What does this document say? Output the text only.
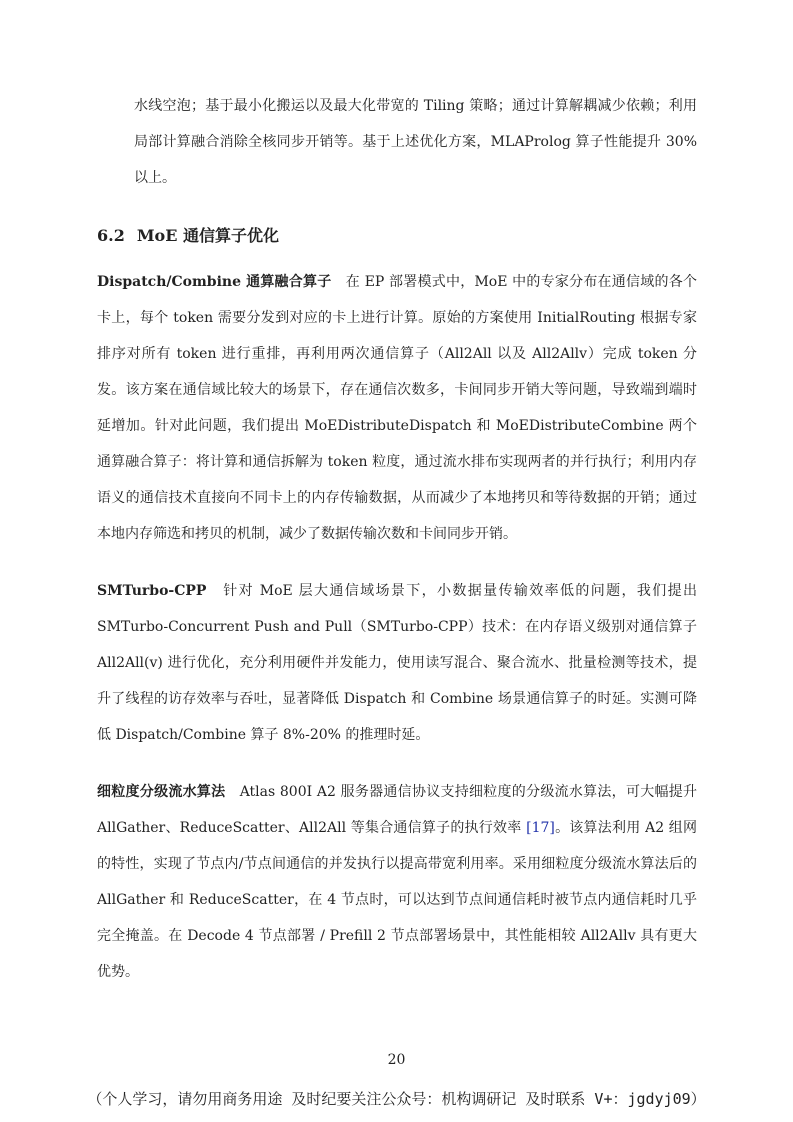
水线空泡；基于最小化搬运以及最大化带宽的 Tiling 策略；通过计算解耦减少依赖；利用局部计算融合消除全核同步开销等。基于上述优化方案，MLAProlog 算子性能提升 30% 以上。

6.2 MoE 通信算子优化

Dispatch/Combine 通算融合算子　 在 EP 部署模式中，MoE 中的专家分布在通信域的各个卡上，每个 token 需要分发到对应的卡上进行计算。原始的方案使用 InitialRouting 根据专家排序对所有 token 进行重排，再利用两次通信算子（All2All 以及 All2Allv）完成 token 分发。该方案在通信域比较大的场景下，存在通信次数多，卡间同步开销大等问题，导致端到端时延增加。针对此问题，我们提出 MoEDistributeDispatch 和 MoEDistributeCombine 两个通算融合算子：将计算和通信拆解为 token 粒度，通过流水排布实现两者的并行执行；利用内存语义的通信技术直接向不同卡上的内存传输数据，从而减少了本地拷贝和等待数据的开销；通过本地内存筛选和拷贝的机制，减少了数据传输次数和卡间同步开销。

SMTurbo-CPP　 针对 MoE 层大通信域场景下，小数据量传输效率低的问题，我们提出 SMTurbo-Concurrent Push and Pull（SMTurbo-CPP）技术：在内存语义级别对通信算子 All2All(v) 进行优化，充分利用硬件并发能力，使用读写混合、聚合流水、批量检测等技术，提升了线程的访存效率与吞吐，显著降低 Dispatch 和 Combine 场景通信算子的时延。实测可降低 Dispatch/Combine 算子 8%-20% 的推理时延。

细粒度分级流水算法　 Atlas 800I A2 服务器通信协议支持细粒度的分级流水算法，可大幅提升 AllGather、ReduceScatter、All2All 等集合通信算子的执行效率 [17]。该算法利用 A2 组网的特性，实现了节点内/节点间通信的并发执行以提高带宽利用率。采用细粒度分级流水算法后的 AllGather 和 ReduceScatter，在 4 节点时，可以达到节点间通信耗时被节点内通信耗时几乎完全掩盖。在 Decode 4 节点部署 / Prefill 2 节点部署场景中，其性能相较 All2Allv 具有更大优势。

20
（个人学习，请勿用商务用途 及时纪要关注公众号：机构调研记 及时联系 V+：jgdyj09）
